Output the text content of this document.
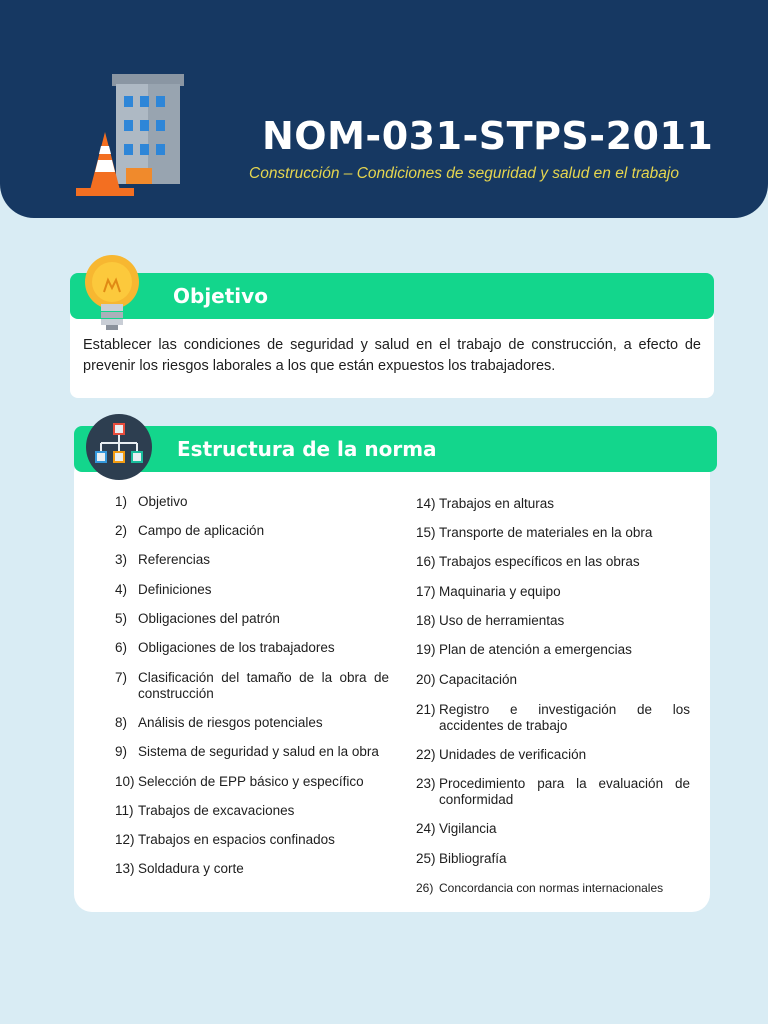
NOM-031-STPS-2011
Construcción – Condiciones de seguridad y salud en el trabajo
Objetivo
Establecer las condiciones de seguridad y salud en el trabajo de construcción, a efecto de prevenir los riesgos laborales a los que están expuestos los trabajadores.
Estructura de la norma
1) Objetivo
2) Campo de aplicación
3) Referencias
4) Definiciones
5) Obligaciones del patrón
6) Obligaciones de los trabajadores
7) Clasificación del tamaño de la obra de construcción
8) Análisis de riesgos potenciales
9) Sistema de seguridad y salud en la obra
10) Selección de EPP básico y específico
11) Trabajos de excavaciones
12) Trabajos en espacios confinados
13) Soldadura y corte
14) Trabajos en alturas
15) Transporte de materiales en la obra
16) Trabajos específicos en las obras
17) Maquinaria y equipo
18) Uso de herramientas
19) Plan de atención a emergencias
20) Capacitación
21) Registro e investigación de los accidentes de trabajo
22) Unidades de verificación
23) Procedimiento para la evaluación de conformidad
24) Vigilancia
25) Bibliografía
26) Concordancia con normas internacionales
